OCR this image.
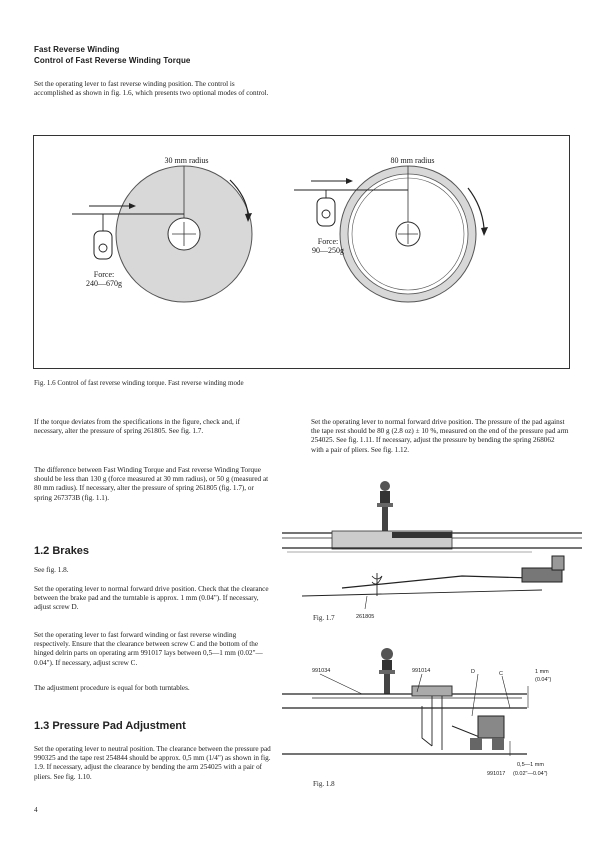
Fast Reverse Winding
Control of Fast Reverse Winding Torque
Set the operating lever to fast reverse winding position. The control is accomplished as shown in fig. 1.6, which presents two optional modes of control.
30 mm radius	80 mm radius
Force:
240—670g
Force:
90—250g
Fig. 1.6 Control of fast reverse winding torque. Fast reverse winding mode
If the torque deviates from the specifications in the figure, check and, if necessary, alter the pressure of spring 261805. See fig. 1.7.
The difference between Fast Winding Torque and Fast reverse Winding Torque should be less than 130 g (force measured at 30 mm radius), or 50 g (measured at 80 mm radius). If necessary, alter the pressure of spring 261805 (fig. 1.7), or spring 267373B (fig. 1.1).
1.2 Brakes
See fig. 1.8.
Set the operating lever to normal forward drive position. Check that the clearance between the brake pad and the turntable is approx. 1 mm (0.04"). If necessary, adjust screw D.
Set the operating lever to fast forward winding or fast reverse winding respectively. Ensure that the clearance between screw C and the bottom of the hinged delrin parts on operating arm 991017 lays between 0,5—1 mm (0.02"—0.04"). If necessary, adjust screw C.
The adjustment procedure is equal for both turntables.
1.3 Pressure Pad Adjustment
Set the operating lever to neutral position. The clearance between the pressure pad 990325 and the tape rest 254844 should be approx. 0,5 mm (1/4") as shown in fig. 1.9. If necessary, adjust the clearance by bending the arm 254025 with a pair of pliers. See fig. 1.10.
4
Set the operating lever to normal forward drive position. The pressure of the pad against the tape rest should be 80 g (2.8 oz) ± 10 %, measured on the end of the pressure pad arm 254025. See fig. 1.11. If necessary, adjust the pressure by bending the spring 268062 with a pair of pliers. See fig. 1.12.
Fig. 1.7	261805
991034	991014	D	C	1 mm
(0.04")
0,5—1 mm
991017 (0.02"—0.04")
Fig. 1.8
